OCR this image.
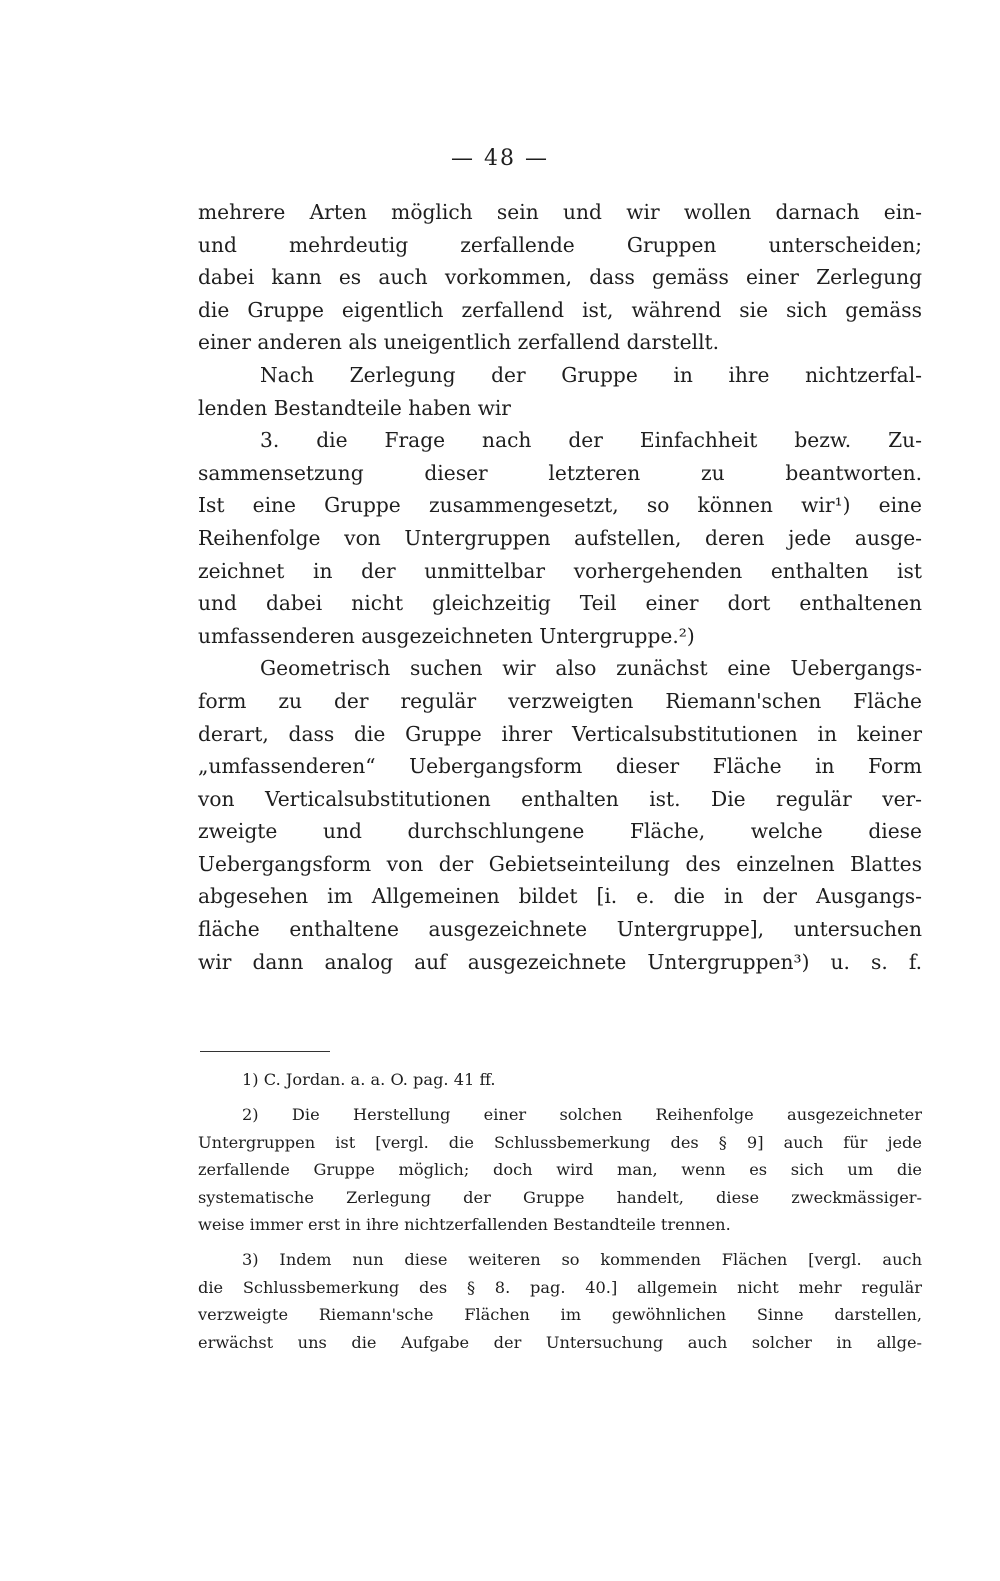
— 48 —

mehrere Arten möglich sein und wir wollen darnach ein-

und mehrdeutig zerfallende Gruppen unterscheiden;

dabei kann es auch vorkommen, dass gemäss einer Zerlegung

die Gruppe eigentlich zerfallend ist, während sie sich gemäss

einer anderen als uneigentlich zerfallend darstellt.

Nach Zerlegung der Gruppe in ihre nichtzerfal-

lenden Bestandteile haben wir

3. die Frage nach der Einfachheit bezw. Zu-

sammensetzung dieser letzteren zu beantworten.

Ist eine Gruppe zusammengesetzt, so können wir¹) eine

Reihenfolge von Untergruppen aufstellen, deren jede ausge-

zeichnet in der unmittelbar vorhergehenden enthalten ist

und dabei nicht gleichzeitig Teil einer dort enthaltenen

umfassenderen ausgezeichneten Untergruppe.²)

Geometrisch suchen wir also zunächst eine Uebergangs-

form zu der regulär verzweigten Riemann'schen Fläche

derart, dass die Gruppe ihrer Verticalsubstitutionen in keiner

„umfassenderen“ Uebergangsform dieser Fläche in Form

von Verticalsubstitutionen enthalten ist. Die regulär ver-

zweigte und durchschlungene Fläche, welche diese

Uebergangsform von der Gebietseinteilung des einzelnen Blattes

abgesehen im Allgemeinen bildet [i. e. die in der Ausgangs-

fläche enthaltene ausgezeichnete Untergruppe], untersuchen

wir dann analog auf ausgezeichnete Untergruppen³) u. s. f.

1) C. Jordan. a. a. O. pag. 41 ff.

2) Die Herstellung einer solchen Reihenfolge ausgezeichneter

Untergruppen ist [vergl. die Schlussbemerkung des § 9] auch für jede

zerfallende Gruppe möglich; doch wird man, wenn es sich um die

systematische Zerlegung der Gruppe handelt, diese zweckmässiger-

weise immer erst in ihre nichtzerfallenden Bestandteile trennen.

3) Indem nun diese weiteren so kommenden Flächen [vergl. auch

die Schlussbemerkung des § 8. pag. 40.] allgemein nicht mehr regulär

verzweigte Riemann'sche Flächen im gewöhnlichen Sinne darstellen,

erwächst uns die Aufgabe der Untersuchung auch solcher in allge-
